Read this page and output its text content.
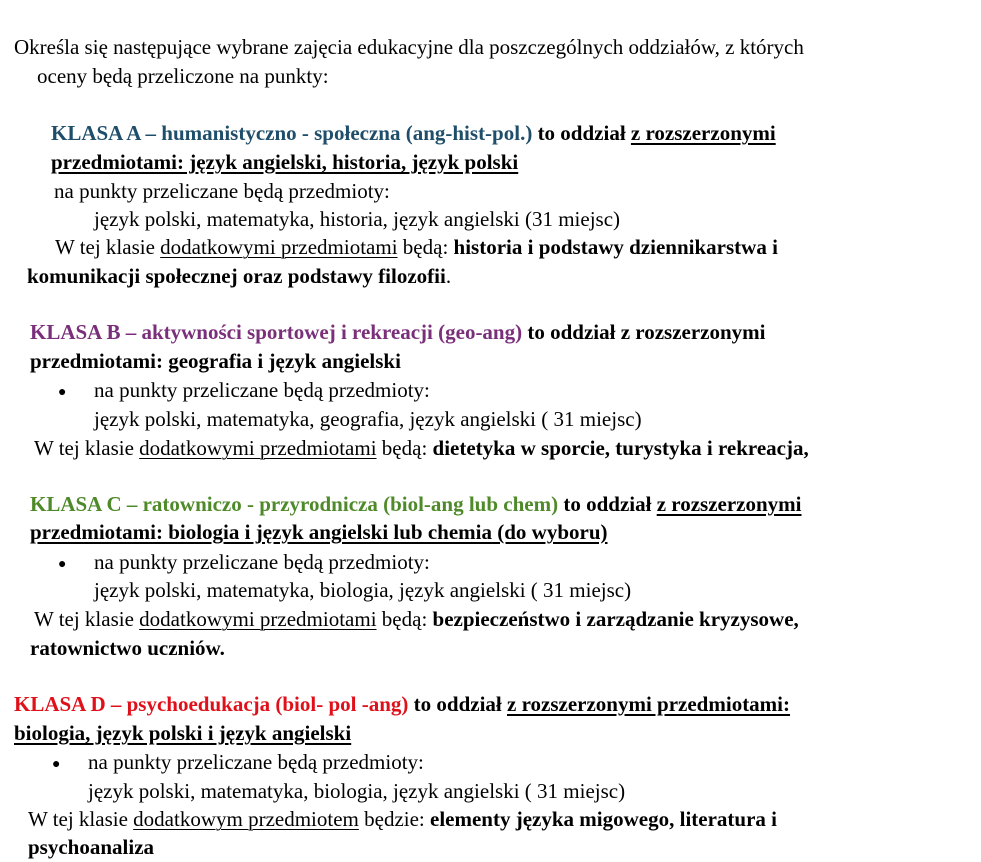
Określa się następujące wybrane zajęcia edukacyjne dla poszczególnych oddziałów, z których
oceny będą przeliczone na punkty:
KLASA A – humanistyczno - społeczna (ang-hist-pol.) to oddział z rozszerzonymi
przedmiotami: język angielski, historia, język polski
na punkty przeliczane będą przedmioty:
język polski, matematyka, historia, język angielski (31 miejsc)
W tej klasie dodatkowymi przedmiotami będą: historia i podstawy dziennikarstwa i
komunikacji społecznej oraz podstawy filozofii.
KLASA B – aktywności sportowej i rekreacji (geo-ang) to oddział z rozszerzonymi
przedmiotami: geografia i język angielski
● na punkty przeliczane będą przedmioty:
język polski, matematyka, geografia, język angielski ( 31 miejsc)
W tej klasie dodatkowymi przedmiotami będą: dietetyka w sporcie, turystyka i rekreacja,
KLASA C – ratowniczo - przyrodnicza (biol-ang lub chem) to oddział z rozszerzonymi
przedmiotami: biologia i język angielski lub chemia (do wyboru)
● na punkty przeliczane będą przedmioty:
język polski, matematyka, biologia, język angielski ( 31 miejsc)
W tej klasie dodatkowymi przedmiotami będą: bezpieczeństwo i zarządzanie kryzysowe,
ratownictwo uczniów.
KLASA D – psychoedukacja (biol- pol -ang) to oddział z rozszerzonymi przedmiotami:
biologia, język polski i język angielski
● na punkty przeliczane będą przedmioty:
język polski, matematyka, biologia, język angielski ( 31 miejsc)
W tej klasie dodatkowym przedmiotem będzie: elementy języka migowego, literatura i
psychoanaliza
